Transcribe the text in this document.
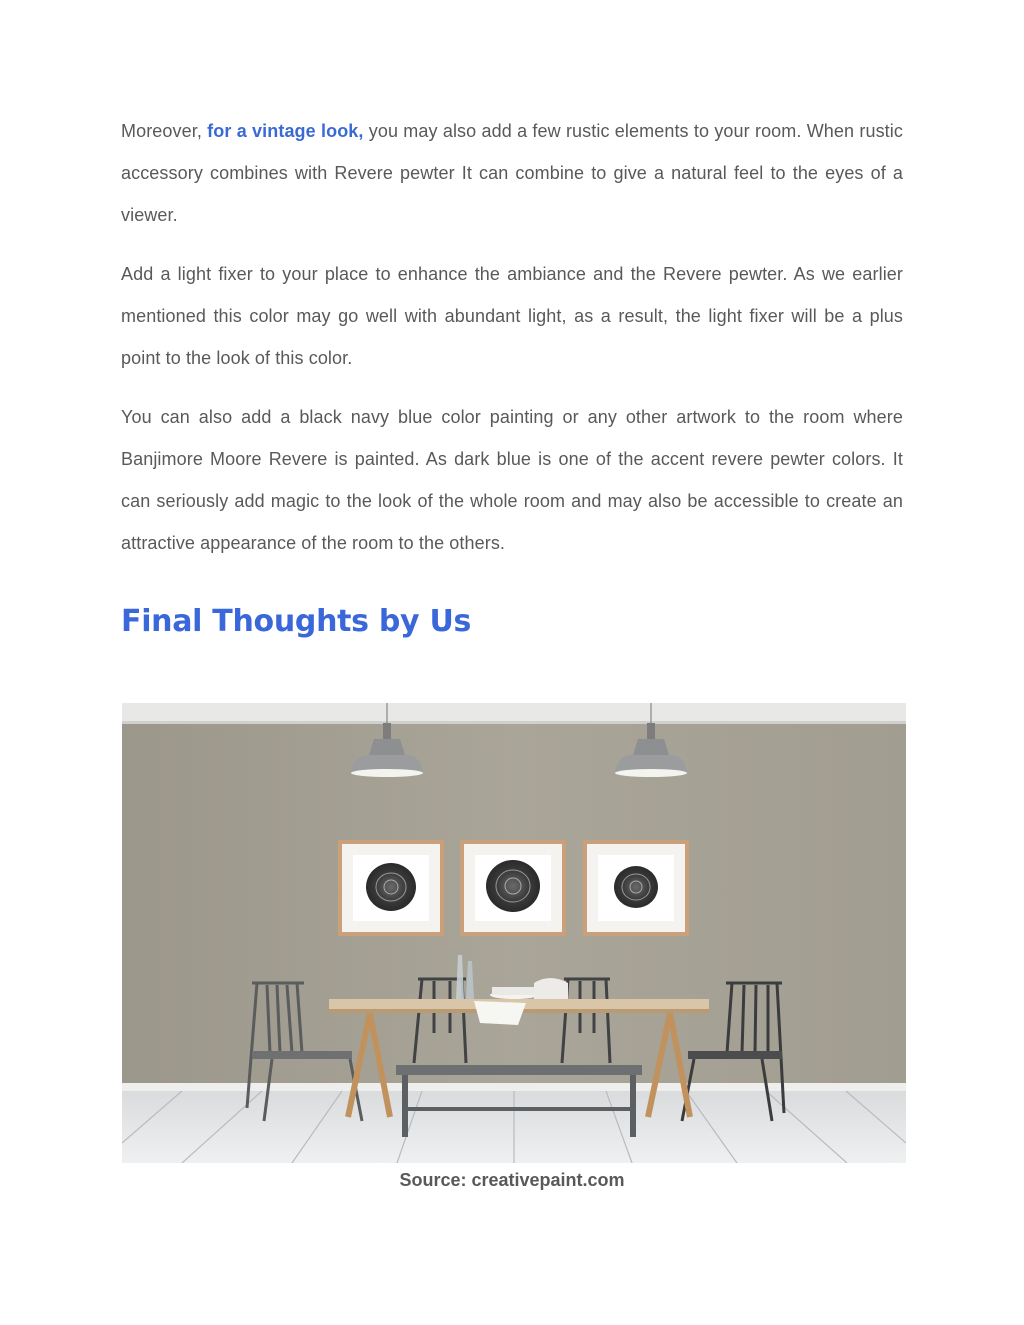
Moreover, for a vintage look, you may also add a few rustic elements to your room. When rustic accessory combines with Revere pewter It can combine to give a natural feel to the eyes of a viewer.

Add a light fixer to your place to enhance the ambiance and the Revere pewter. As we earlier mentioned this color may go well with abundant light, as a result, the light fixer will be a plus point to the look of this color.

You can also add a black navy blue color painting or any other artwork to the room where Banjimore Moore Revere is painted. As dark blue is one of the accent revere pewter colors. It can seriously add magic to the look of the whole room and may also be accessible to create an attractive appearance of the room to the others.

Final Thoughts by Us
Source: creativepaint.com
